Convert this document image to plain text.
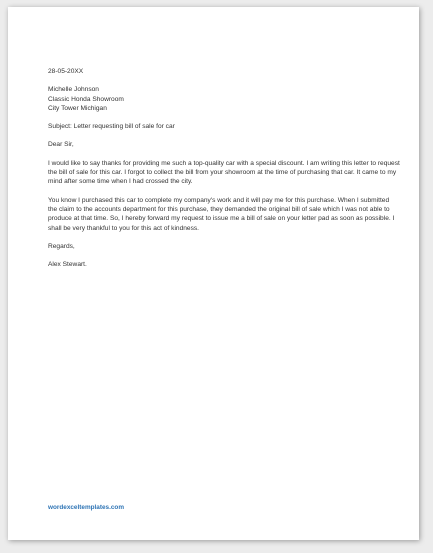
28-05-20XX
Michelle Johnson
Classic Honda Showroom
City Tower Michigan
Subject: Letter requesting bill of sale for car
Dear Sir,
I would like to say thanks for providing me such a top-quality car with a special discount. I am writing this letter to request the bill of sale for this car. I forgot to collect the bill from your showroom at the time of purchasing that car. It came to my mind after some time when I had crossed the city.
You know I purchased this car to complete my company's work and it will pay me for this purchase. When I submitted the claim to the accounts department for this purchase, they demanded the original bill of sale which I was not able to produce at that time. So, I hereby forward my request to issue me a bill of sale on your letter pad as soon as possible. I shall be very thankful to you for this act of kindness.
Regards,
Alex Stewart.
wordexceltemplates.com
